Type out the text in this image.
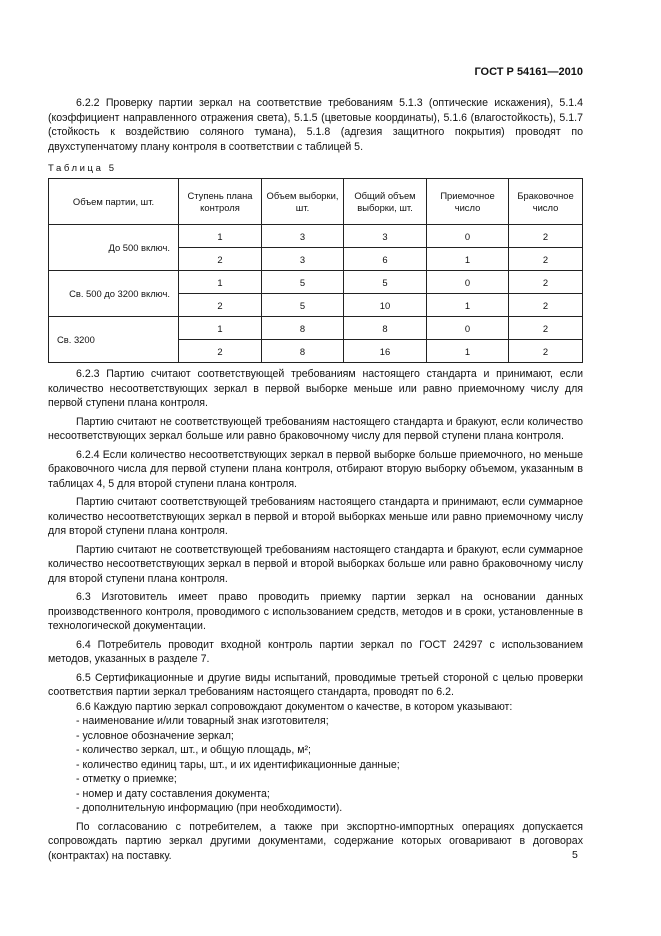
ГОСТ Р 54161—2010

6.2.2 Проверку партии зеркал на соответствие требованиям 5.1.3 (оптические искажения), 5.1.4 (коэффициент направленного отражения света), 5.1.5 (цветовые координаты), 5.1.6 (влагостойкость), 5.1.7 (стойкость к воздействию соляного тумана), 5.1.8 (адгезия защитного покрытия) проводят по двухступенчатому плану контроля в соответствии с таблицей 5.

Таблица 5
Объем партии, шт.	Ступень плана контроля	Объем выборки, шт.	Общий объем выборки, шт.	Приемочное число	Браковочное число
До 500 включ.	1	3	3	0	2
	2	3	6	1	2
Св. 500 до 3200 включ.	1	5	5	0	2
	2	5	10	1	2
Св. 3200	1	8	8	0	2
	2	8	16	1	2

6.2.3 Партию считают соответствующей требованиям настоящего стандарта и принимают, если количество несоответствующих зеркал в первой выборке меньше или равно приемочному числу для первой ступени плана контроля.

Партию считают не соответствующей требованиям настоящего стандарта и бракуют, если количество несоответствующих зеркал больше или равно браковочному числу для первой ступени плана контроля.

6.2.4 Если количество несоответствующих зеркал в первой выборке больше приемочного, но меньше браковочного числа для первой ступени плана контроля, отбирают вторую выборку объемом, указанным в таблицах 4, 5 для второй ступени плана контроля.

Партию считают соответствующей требованиям настоящего стандарта и принимают, если суммарное количество несоответствующих зеркал в первой и второй выборках меньше или равно приемочному числу для второй ступени плана контроля.

Партию считают не соответствующей требованиям настоящего стандарта и бракуют, если суммарное количество несоответствующих зеркал в первой и второй выборках больше или равно браковочному числу для второй ступени плана контроля.

6.3 Изготовитель имеет право проводить приемку партии зеркал на основании данных производственного контроля, проводимого с использованием средств, методов и в сроки, установленные в технологической документации.

6.4 Потребитель проводит входной контроль партии зеркал по ГОСТ 24297 с использованием методов, указанных в разделе 7.

6.5 Сертификационные и другие виды испытаний, проводимые третьей стороной с целью проверки соответствия партии зеркал требованиям настоящего стандарта, проводят по 6.2.

6.6 Каждую партию зеркал сопровождают документом о качестве, в котором указывают:

- наименование и/или товарный знак изготовителя;

- условное обозначение зеркал;

- количество зеркал, шт., и общую площадь, м²;

- количество единиц тары, шт., и их идентификационные данные;

- отметку о приемке;

- номер и дату составления документа;

- дополнительную информацию (при необходимости).

По согласованию с потребителем, а также при экспортно-импортных операциях допускается сопровождать партию зеркал другими документами, содержание которых оговаривают в договорах (контрактах) на поставку.	5
